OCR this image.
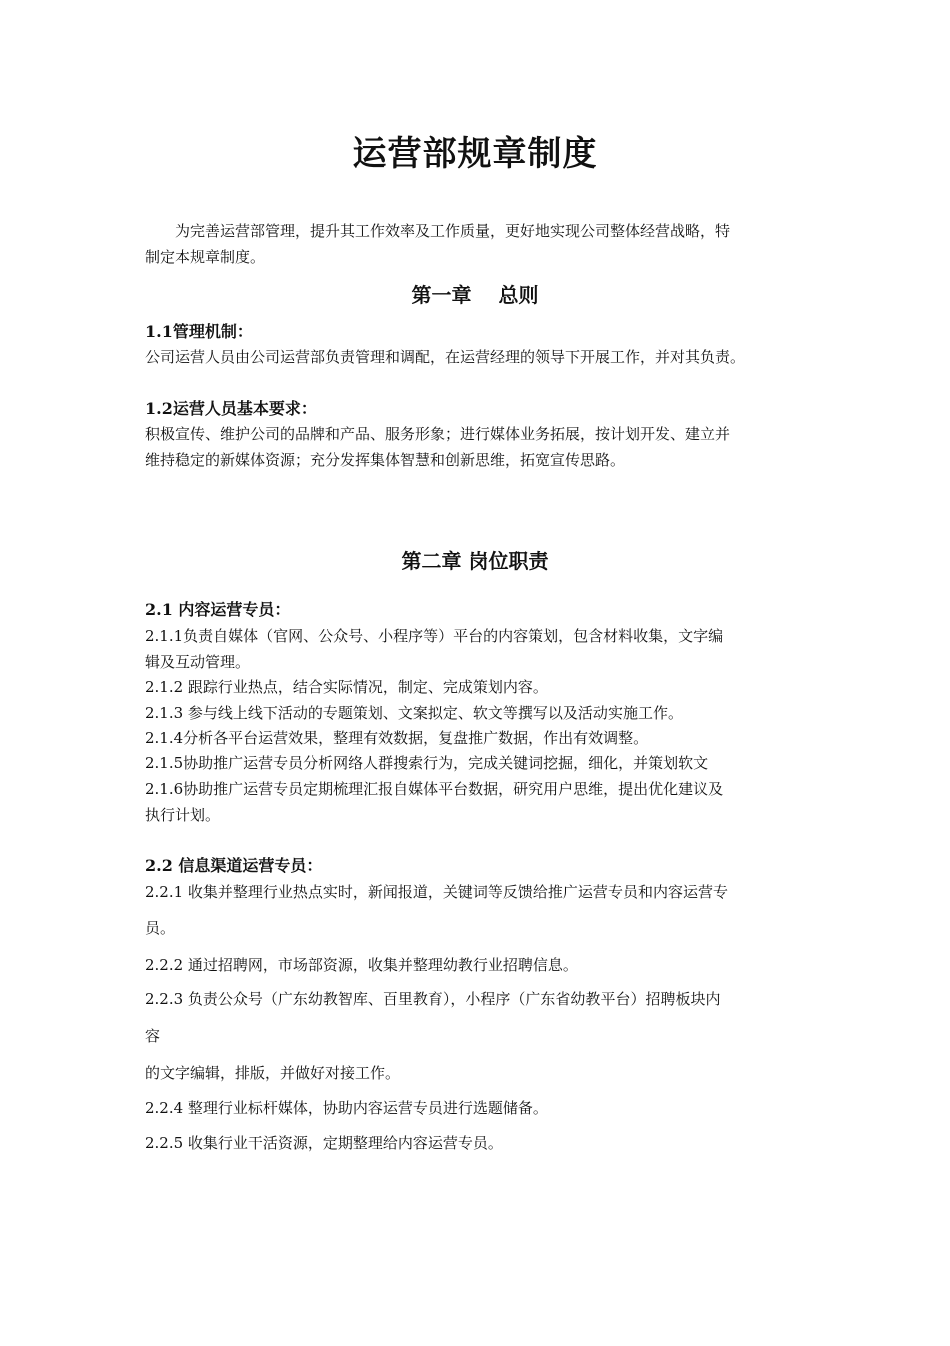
运营部规章制度
为完善运营部管理，提升其工作效率及工作质量，更好地实现公司整体经营战略，特
制定本规章制度。
第一章　 总则
1.1管理机制：
公司运营人员由公司运营部负责管理和调配，在运营经理的领导下开展工作，并对其负责。
1.2运营人员基本要求：
积极宣传、维护公司的品牌和产品、服务形象；进行媒体业务拓展，按计划开发、建立并
维持稳定的新媒体资源；充分发挥集体智慧和创新思维，拓宽宣传思路。
第二章 岗位职责
2.1 内容运营专员：
2.1.1负责自媒体（官网、公众号、小程序等）平台的内容策划，包含材料收集，文字编
辑及互动管理。
2.1.2 跟踪行业热点，结合实际情况，制定、完成策划内容。
2.1.3 参与线上线下活动的专题策划、文案拟定、软文等撰写以及活动实施工作。
2.1.4分析各平台运营效果，整理有效数据，复盘推广数据，作出有效调整。
2.1.5协助推广运营专员分析网络人群搜索行为，完成关键词挖掘，细化，并策划软文
2.1.6协助推广运营专员定期梳理汇报自媒体平台数据，研究用户思维，提出优化建议及
执行计划。
2.2 信息渠道运营专员：
2.2.1 收集并整理行业热点实时，新闻报道，关键词等反馈给推广运营专员和内容运营专
员。
2.2.2 通过招聘网，市场部资源，收集并整理幼教行业招聘信息。
2.2.3 负责公众号（广东幼教智库、百里教育），小程序（广东省幼教平台）招聘板块内
容
的文字编辑，排版，并做好对接工作。
2.2.4 整理行业标杆媒体，协助内容运营专员进行选题储备。
2.2.5 收集行业干活资源，定期整理给内容运营专员。
